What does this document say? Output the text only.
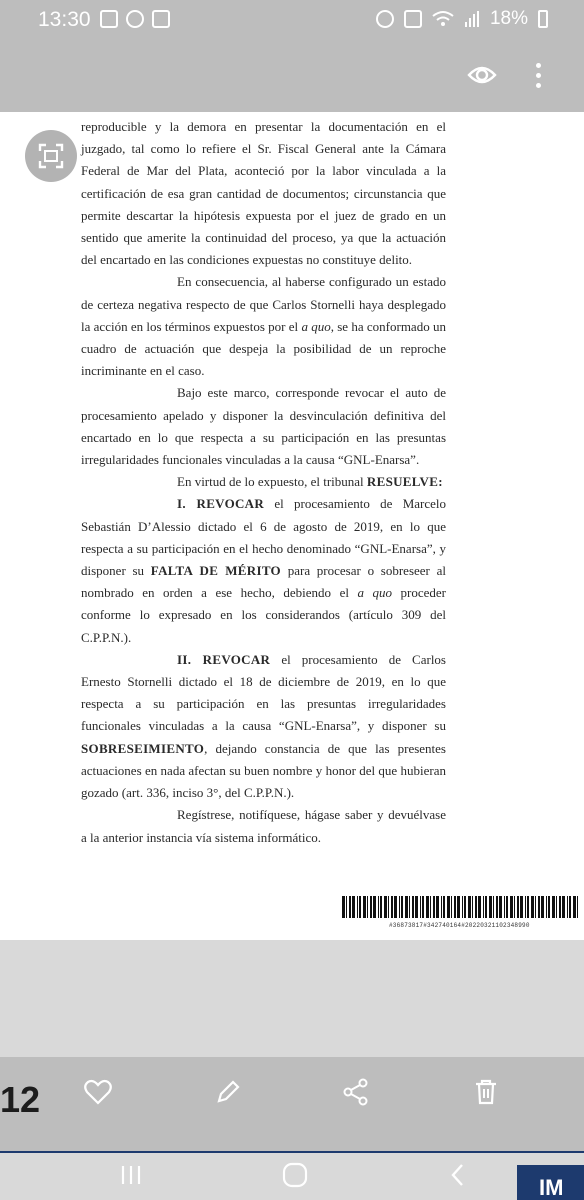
13:30	18%

reproducible y la demora en presentar la documentación en el juzgado, tal como lo refiere el Sr. Fiscal General ante la Cámara Federal de Mar del Plata, aconteció por la labor vinculada a la certificación de esa gran cantidad de documentos; circunstancia que permite descartar la hipótesis expuesta por el juez de grado en un sentido que amerite la continuidad del proceso, ya que la actuación del encartado en las condiciones expuestas no constituye delito.

En consecuencia, al haberse configurado un estado de certeza negativa respecto de que Carlos Stornelli haya desplegado la acción en los términos expuestos por el a quo, se ha conformado un cuadro de actuación que despeja la posibilidad de un reproche incriminante en el caso.

Bajo este marco, corresponde revocar el auto de procesamiento apelado y disponer la desvinculación definitiva del encartado en lo que respecta a su participación en las presuntas irregularidades funcionales vinculadas a la causa “GNL-Enarsa”.

En virtud de lo expuesto, el tribunal RESUELVE:

I. REVOCAR el procesamiento de Marcelo Sebastián D’Alessio dictado el 6 de agosto de 2019, en lo que respecta a su participación en el hecho denominado “GNL-Enarsa”, y disponer su FALTA DE MÉRITO para procesar o sobreseer al nombrado en orden a ese hecho, debiendo el a quo proceder conforme lo expresado en los considerandos (artículo 309 del C.P.P.N.).

II. REVOCAR el procesamiento de Carlos Ernesto Stornelli dictado el 18 de diciembre de 2019, en lo que respecta a su participación en las presuntas irregularidades funcionales vinculadas a la causa “GNL-Enarsa”, y disponer su SOBRESEIMIENTO, dejando constancia de que las presentes actuaciones en nada afectan su buen nombre y honor del que hubieran gozado (art. 336, inciso 3°, del C.P.P.N.).

Regístrese, notifíquese, hágase saber y devuélvase a la anterior instancia vía sistema informático.

#36873817#342740164#20220321102348990
12
IM
